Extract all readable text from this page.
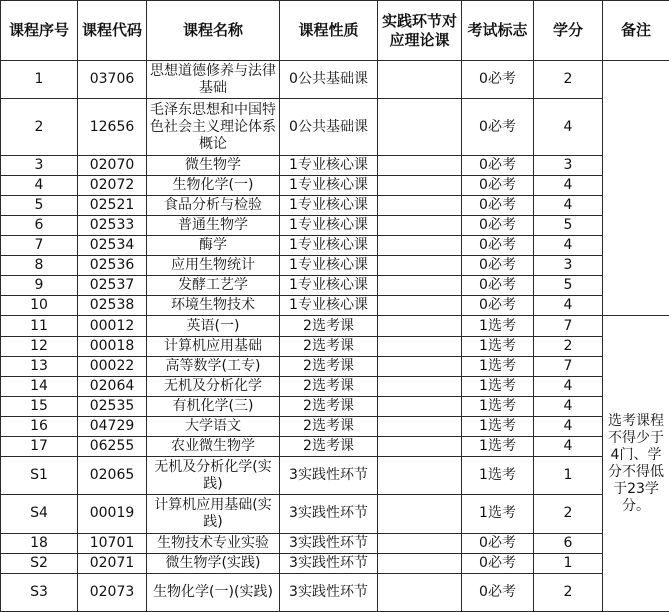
课程序号	课程代码	课程名称	课程性质	实践环节对应理论课	考试标志	学分	备注
1	03706	思想道德修养与法律基础	0公共基础课		0必考	2	
2	12656	毛泽东思想和中国特色社会主义理论体系概论	0公共基础课		0必考	4	
3	02070	微生物学	1专业核心课		0必考	3	
4	02072	生物化学(一)	1专业核心课		0必考	4	
5	02521	食品分析与检验	1专业核心课		0必考	4	
6	02533	普通生物学	1专业核心课		0必考	5	
7	02534	酶学	1专业核心课		0必考	4	
8	02536	应用生物统计	1专业核心课		0必考	3	
9	02537	发酵工艺学	1专业核心课		0必考	5	
10	02538	环境生物技术	1专业核心课		0必考	4	
11	00012	英语(一)	2选考课		1选考	7	选考课程不得少于4门、学分不得低于23学分。
12	00018	计算机应用基础	2选考课		1选考	2	
13	00022	高等数学(工专)	2选考课		1选考	7	
14	02064	无机及分析化学	2选考课		1选考	4	
15	02535	有机化学(三)	2选考课		1选考	4	
16	04729	大学语文	2选考课		1选考	4	
17	06255	农业微生物学	2选考课		1选考	4	
S1	02065	无机及分析化学(实践)	3实践性环节		1选考	1	
S4	00019	计算机应用基础(实践)	3实践性环节		1选考	2	
18	10701	生物技术专业实验	3实践性环节		0必考	6	
S2	02071	微生物学(实践)	3实践性环节		0必考	1	
S3	02073	生物化学(一)(实践)	3实践性环节		0必考	2	
